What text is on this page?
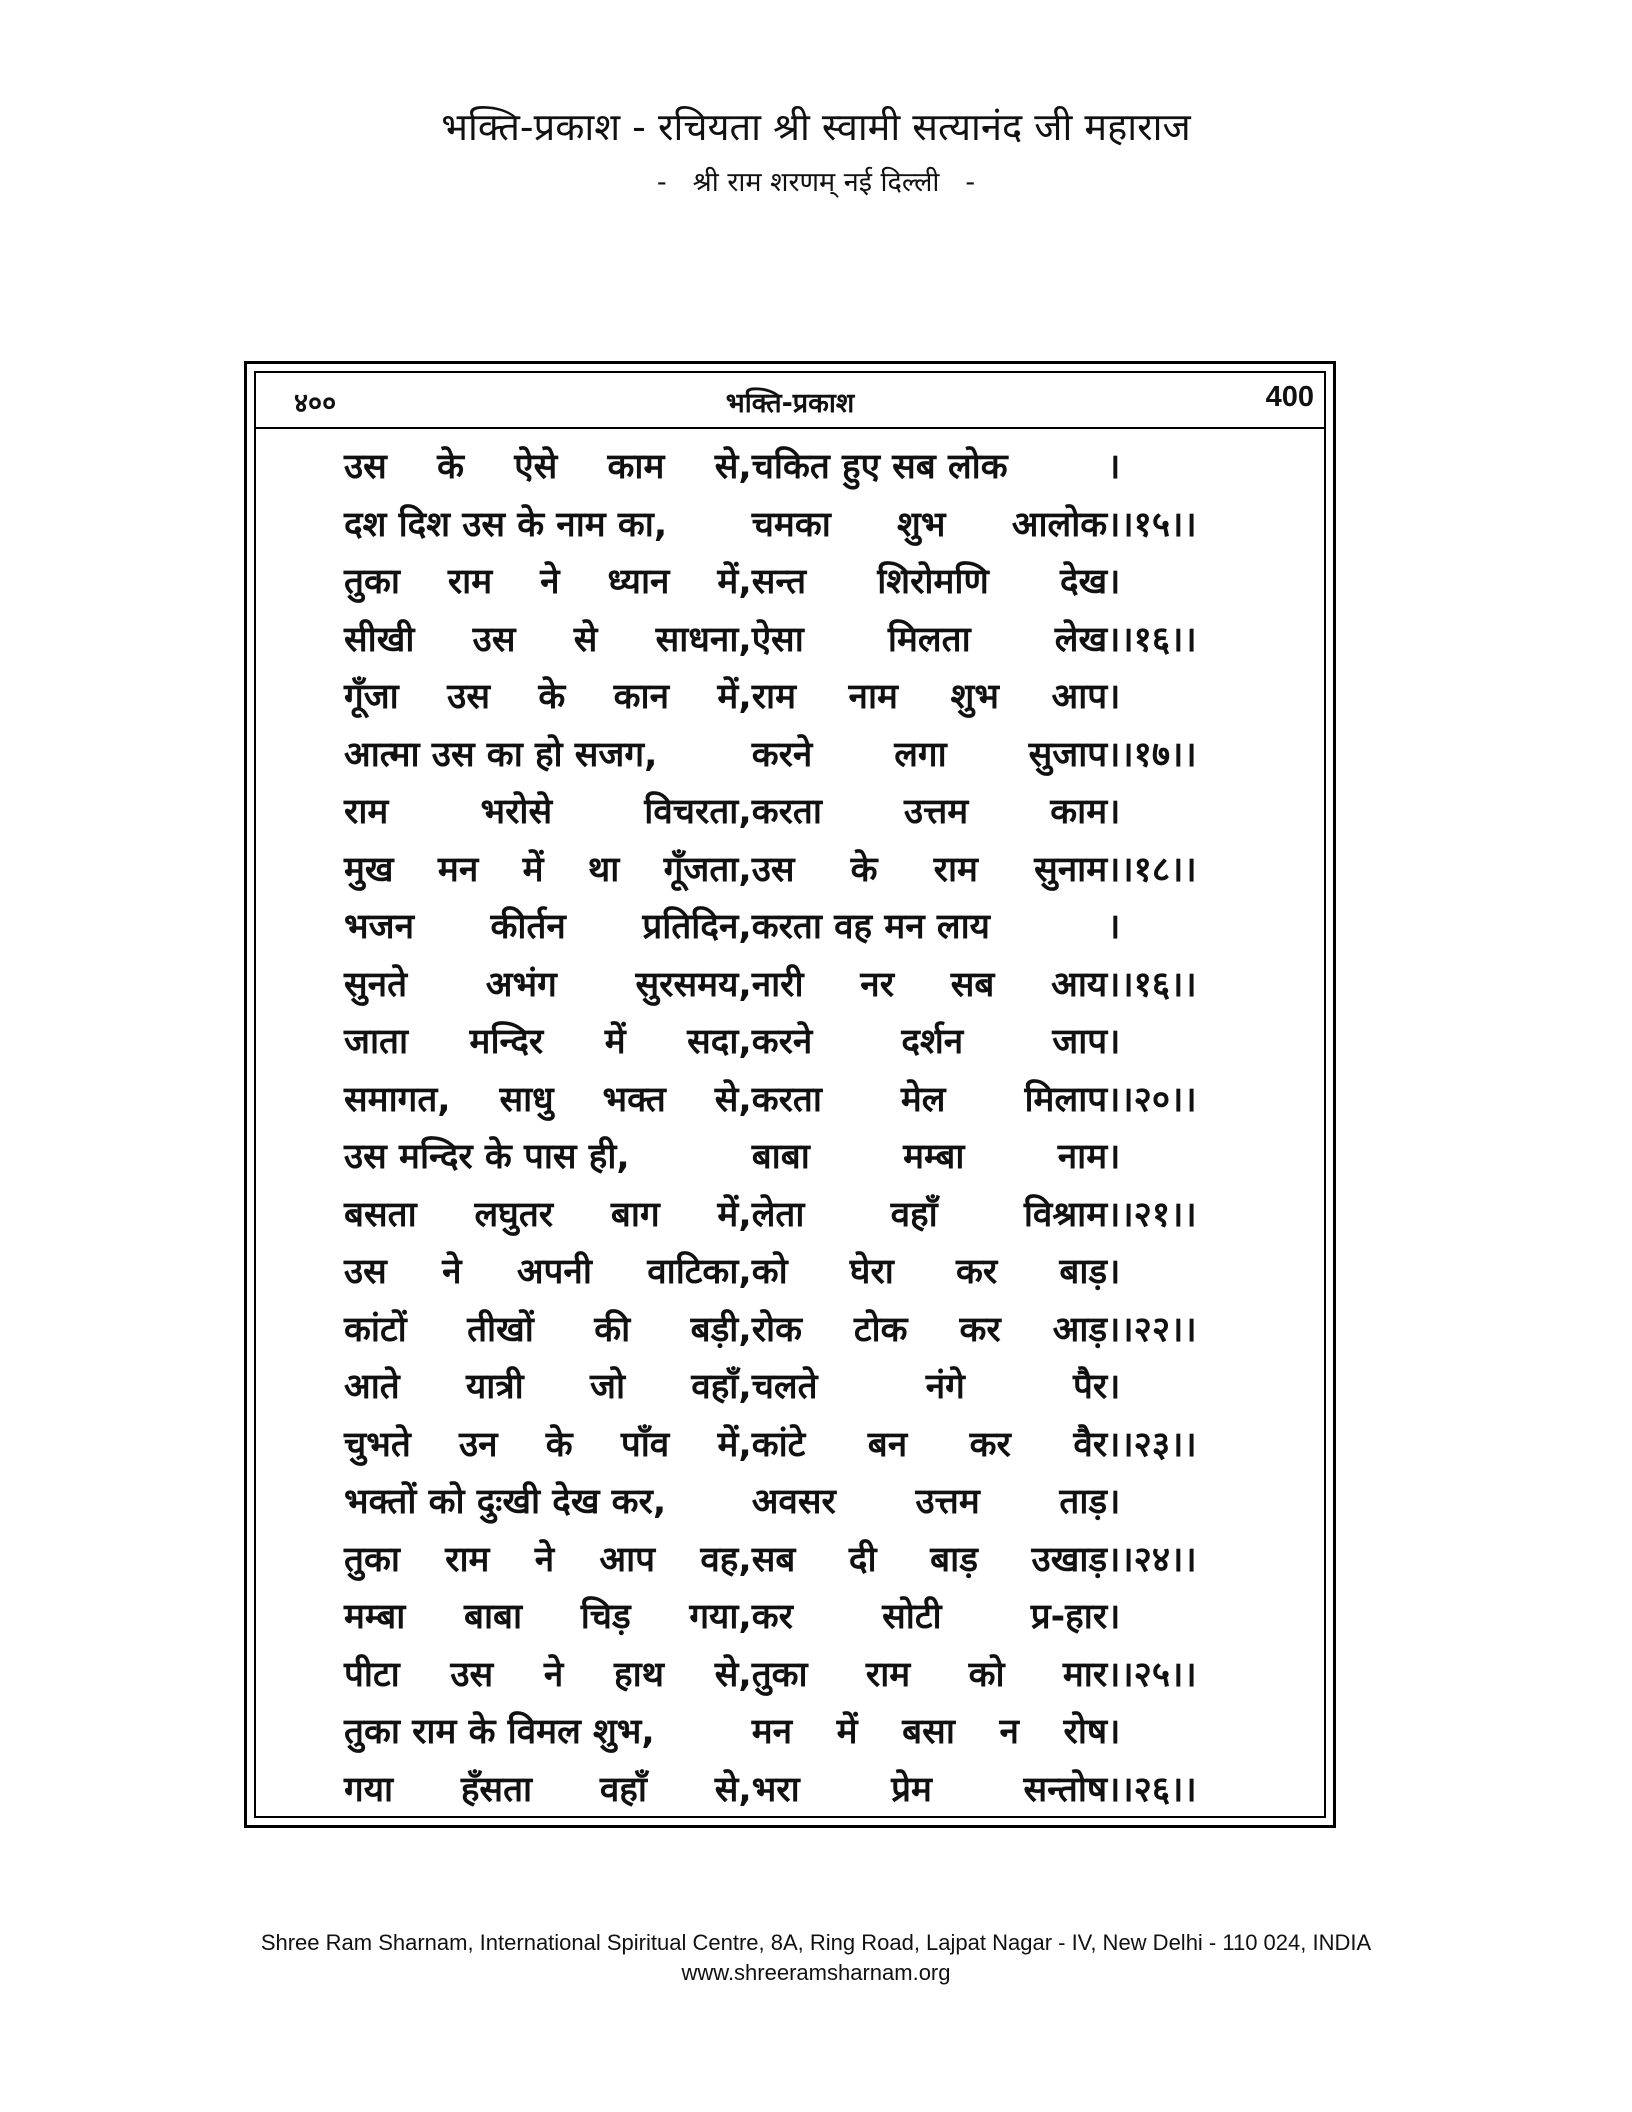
भक्ति-प्रकाश - रचियता श्री स्वामी सत्यानंद जी महाराज
- श्री राम शरणम् नई दिल्ली -
४००	भक्ति-प्रकाश	400
उस के ऐसे काम से,	चकित हुए सब लोक	।

दश दिश उस के नाम का,	चमका शुभ आलोक	।।१५।।

तुका राम ने ध्यान में,	सन्त शिरोमणि देख	।

सीखी उस से साधना,	ऐसा मिलता लेख	।।१६।।

गूँजा उस के कान में,	राम नाम शुभ आप	।

आत्मा उस का हो सजग,	करने लगा सुजाप	।।१७।।

राम भरोसे विचरता,	करता उत्तम काम	।

मुख मन में था गूँजता,	उस के राम सुनाम	।।१८।।

भजन कीर्तन प्रतिदिन,	करता वह मन लाय	।

सुनते अभंग सुरसमय,	नारी नर सब आय	।।१६।।

जाता मन्दिर में सदा,	करने दर्शन जाप	।

समागत, साधु भक्त से,	करता मेल मिलाप	।।२०।।

उस मन्दिर के पास ही,	बाबा मम्बा नाम	।

बसता लघुतर बाग में,	लेता वहाँ विश्राम	।।२१।।

उस ने अपनी वाटिका,	को घेरा कर बाड़	।

कांटों तीखों की बड़ी,	रोक टोक कर आड़	।।२२।।

आते यात्री जो वहाँ,	चलते नंगे पैर	।

चुभते उन के पाँव में,	कांटे बन कर वैर	।।२३।।

भक्तों को दुःखी देख कर,	अवसर उत्तम ताड़	।

तुका राम ने आप वह,	सब दी बाड़ उखाड़	।।२४।।

मम्बा बाबा चिड़ गया,	कर सोटी प्र-हार	।

पीटा उस ने हाथ से,	तुका राम को मार	।।२५।।

तुका राम के विमल शुभ,	मन में बसा न रोष	।

गया हँसता वहाँ से,	भरा प्रेम सन्तोष	।।२६।।
Shree Ram Sharnam, International Spiritual Centre, 8A, Ring Road, Lajpat Nagar - IV, New Delhi - 110 024, INDIA
www.shreeramsharnam.org
